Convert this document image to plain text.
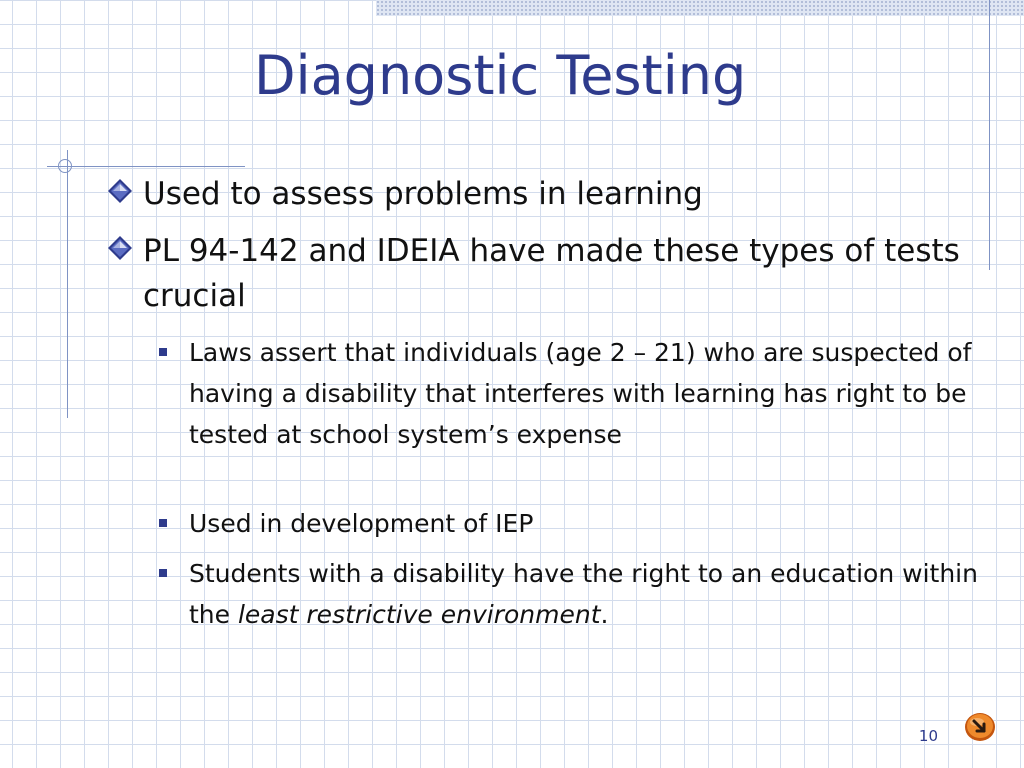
Diagnostic Testing
Used to assess problems in learning
PL 94-142 and IDEIA have made these types of tests crucial
Laws assert that individuals (age 2 – 21) who are suspected of having a disability that interferes with learning has right to be tested at school system’s expense
Used in development of IEP
Students with a disability have the right to an education within the least restrictive environment.
10
